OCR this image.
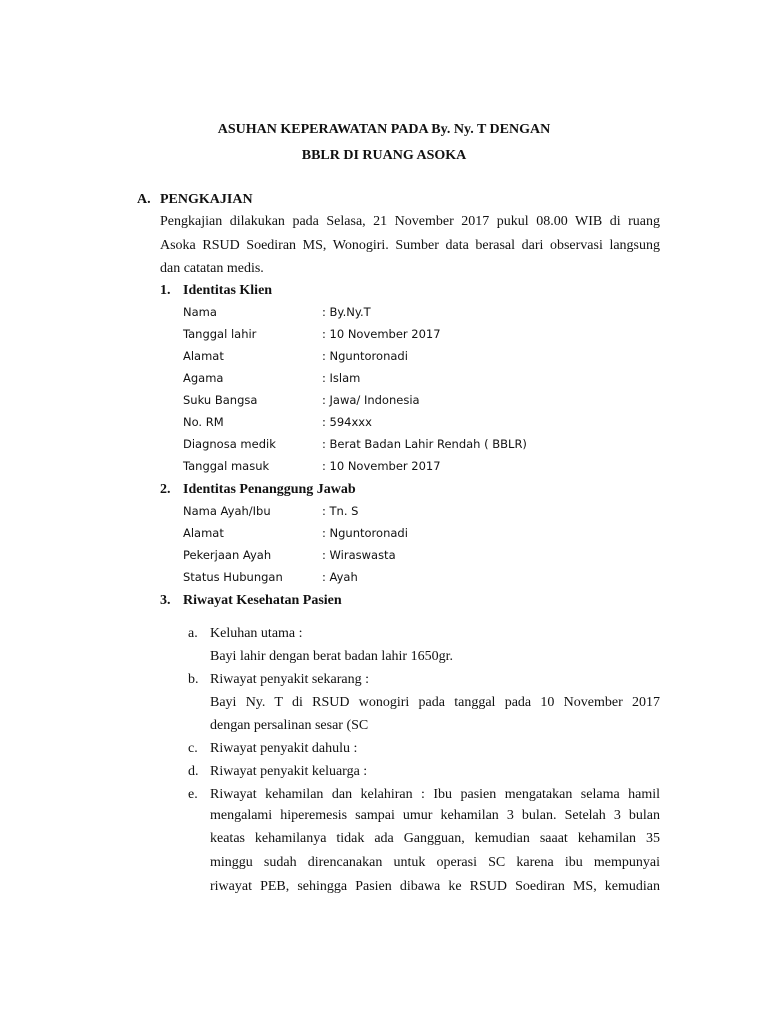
ASUHAN KEPERAWATAN PADA By. Ny. T DENGAN
BBLR DI RUANG ASOKA
A. PENGKAJIAN
Pengkajian dilakukan pada Selasa, 21 November 2017 pukul 08.00 WIB di ruang
Asoka RSUD Soediran MS, Wonogiri. Sumber data berasal dari observasi langsung
dan catatan medis.
1. Identitas Klien
Nama	: By.Ny.T
Tanggal lahir	: 10 November 2017
Alamat	: Nguntoronadi
Agama	: Islam
Suku Bangsa	: Jawa/ Indonesia
No. RM	: 594xxx
Diagnosa medik	: Berat Badan Lahir Rendah ( BBLR)
Tanggal masuk	: 10 November 2017
2. Identitas Penanggung Jawab
Nama Ayah/Ibu	: Tn. S
Alamat	: Nguntoronadi
Pekerjaan Ayah	: Wiraswasta
Status Hubungan	: Ayah
3. Riwayat Kesehatan Pasien
a. Keluhan utama :
Bayi lahir dengan berat badan lahir 1650gr.
b. Riwayat penyakit sekarang :
Bayi Ny. T di RSUD wonogiri pada tanggal pada 10 November 2017
dengan persalinan sesar (SC
c. Riwayat penyakit dahulu :
d. Riwayat penyakit keluarga :
e. Riwayat kehamilan dan kelahiran : Ibu pasien mengatakan selama hamil
mengalami hiperemesis sampai umur kehamilan 3 bulan. Setelah 3 bulan
keatas kehamilanya tidak ada Gangguan, kemudian saaat kehamilan 35
minggu sudah direncanakan untuk operasi SC karena ibu mempunyai
riwayat PEB, sehingga Pasien dibawa ke RSUD Soediran MS, kemudian
